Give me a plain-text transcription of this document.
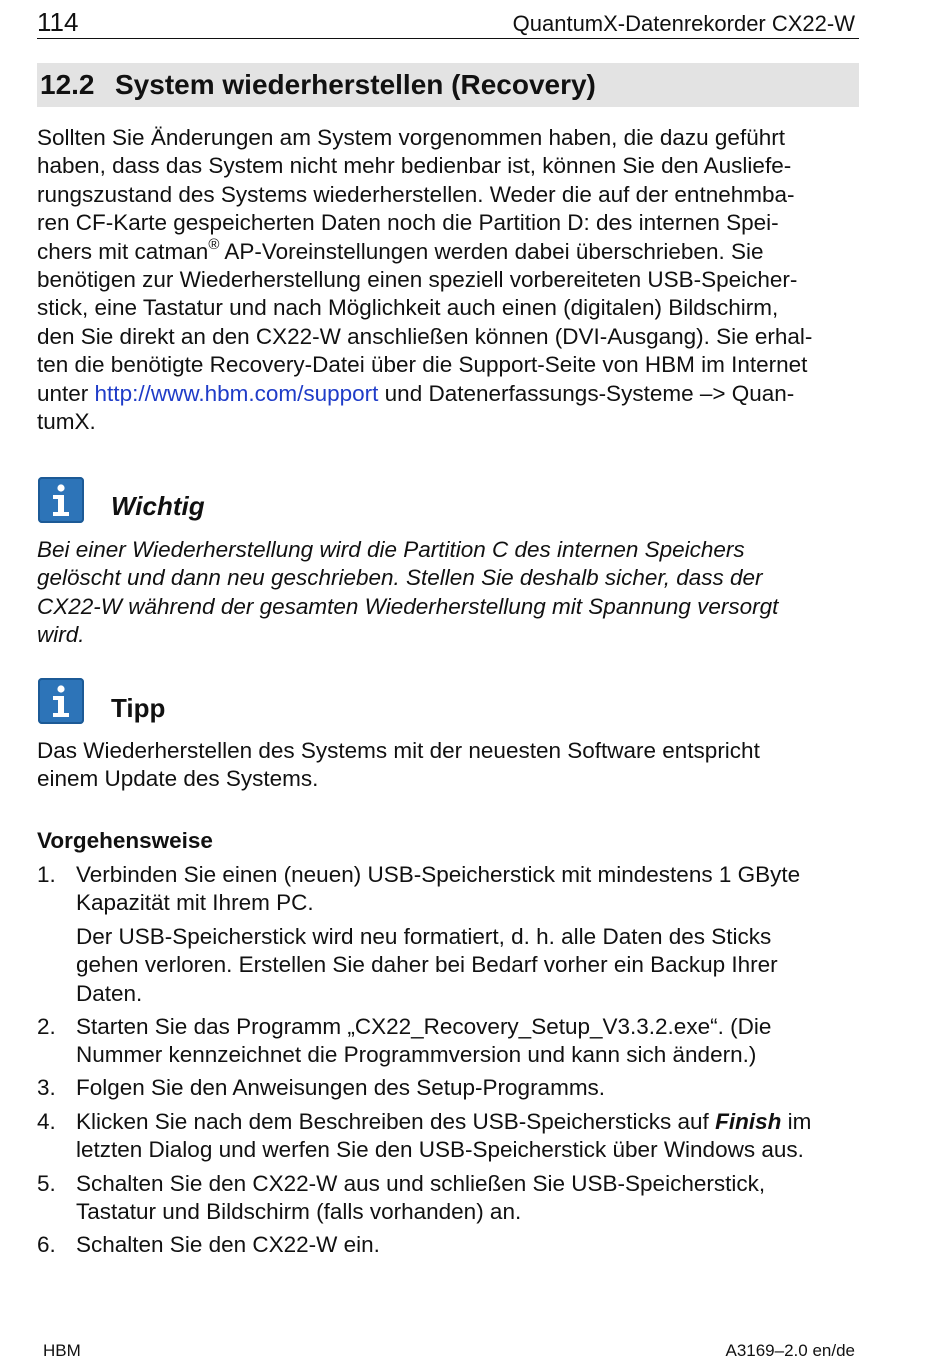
114	QuantumX-Datenrekorder CX22-W
12.2 System wiederherstellen (Recovery)

Sollten Sie Änderungen am System vorgenommen haben, die dazu geführt
haben, dass das System nicht mehr bedienbar ist, können Sie den Ausliefe-
rungszustand des Systems wiederherstellen. Weder die auf der entnehmba-
ren CF-Karte gespeicherten Daten noch die Partition D: des internen Spei-
chers mit catman® AP-Voreinstellungen werden dabei überschrieben. Sie
benötigen zur Wiederherstellung einen speziell vorbereiteten USB-Speicher-
stick, eine Tastatur und nach Möglichkeit auch einen (digitalen) Bildschirm,
den Sie direkt an den CX22-W anschließen können (DVI-Ausgang). Sie erhal-
ten die benötigte Recovery-Datei über die Support-Seite von HBM im Internet
unter http://www.hbm.com/support und Datenerfassungs-Systeme –> Quan-
tumX.

Wichtig

Bei einer Wiederherstellung wird die Partition C des internen Speichers
gelöscht und dann neu geschrieben. Stellen Sie deshalb sicher, dass der
CX22-W während der gesamten Wiederherstellung mit Spannung versorgt
wird.

Tipp

Das Wiederherstellen des Systems mit der neuesten Software entspricht
einem Update des Systems.

Vorgehensweise
1. Verbinden Sie einen (neuen) USB-Speicherstick mit mindestens 1 GByte
Kapazität mit Ihrem PC.
Der USB-Speicherstick wird neu formatiert, d. h. alle Daten des Sticks
gehen verloren. Erstellen Sie daher bei Bedarf vorher ein Backup Ihrer
Daten.
2. Starten Sie das Programm „CX22_Recovery_Setup_V3.3.2.exe“. (Die
Nummer kennzeichnet die Programmversion und kann sich ändern.)
3. Folgen Sie den Anweisungen des Setup-Programms.
4. Klicken Sie nach dem Beschreiben des USB-Speichersticks auf Finish im
letzten Dialog und werfen Sie den USB-Speicherstick über Windows aus.
5. Schalten Sie den CX22-W aus und schließen Sie USB-Speicherstick,
Tastatur und Bildschirm (falls vorhanden) an.
6. Schalten Sie den CX22-W ein.
HBM	A3169–2.0 en/de
